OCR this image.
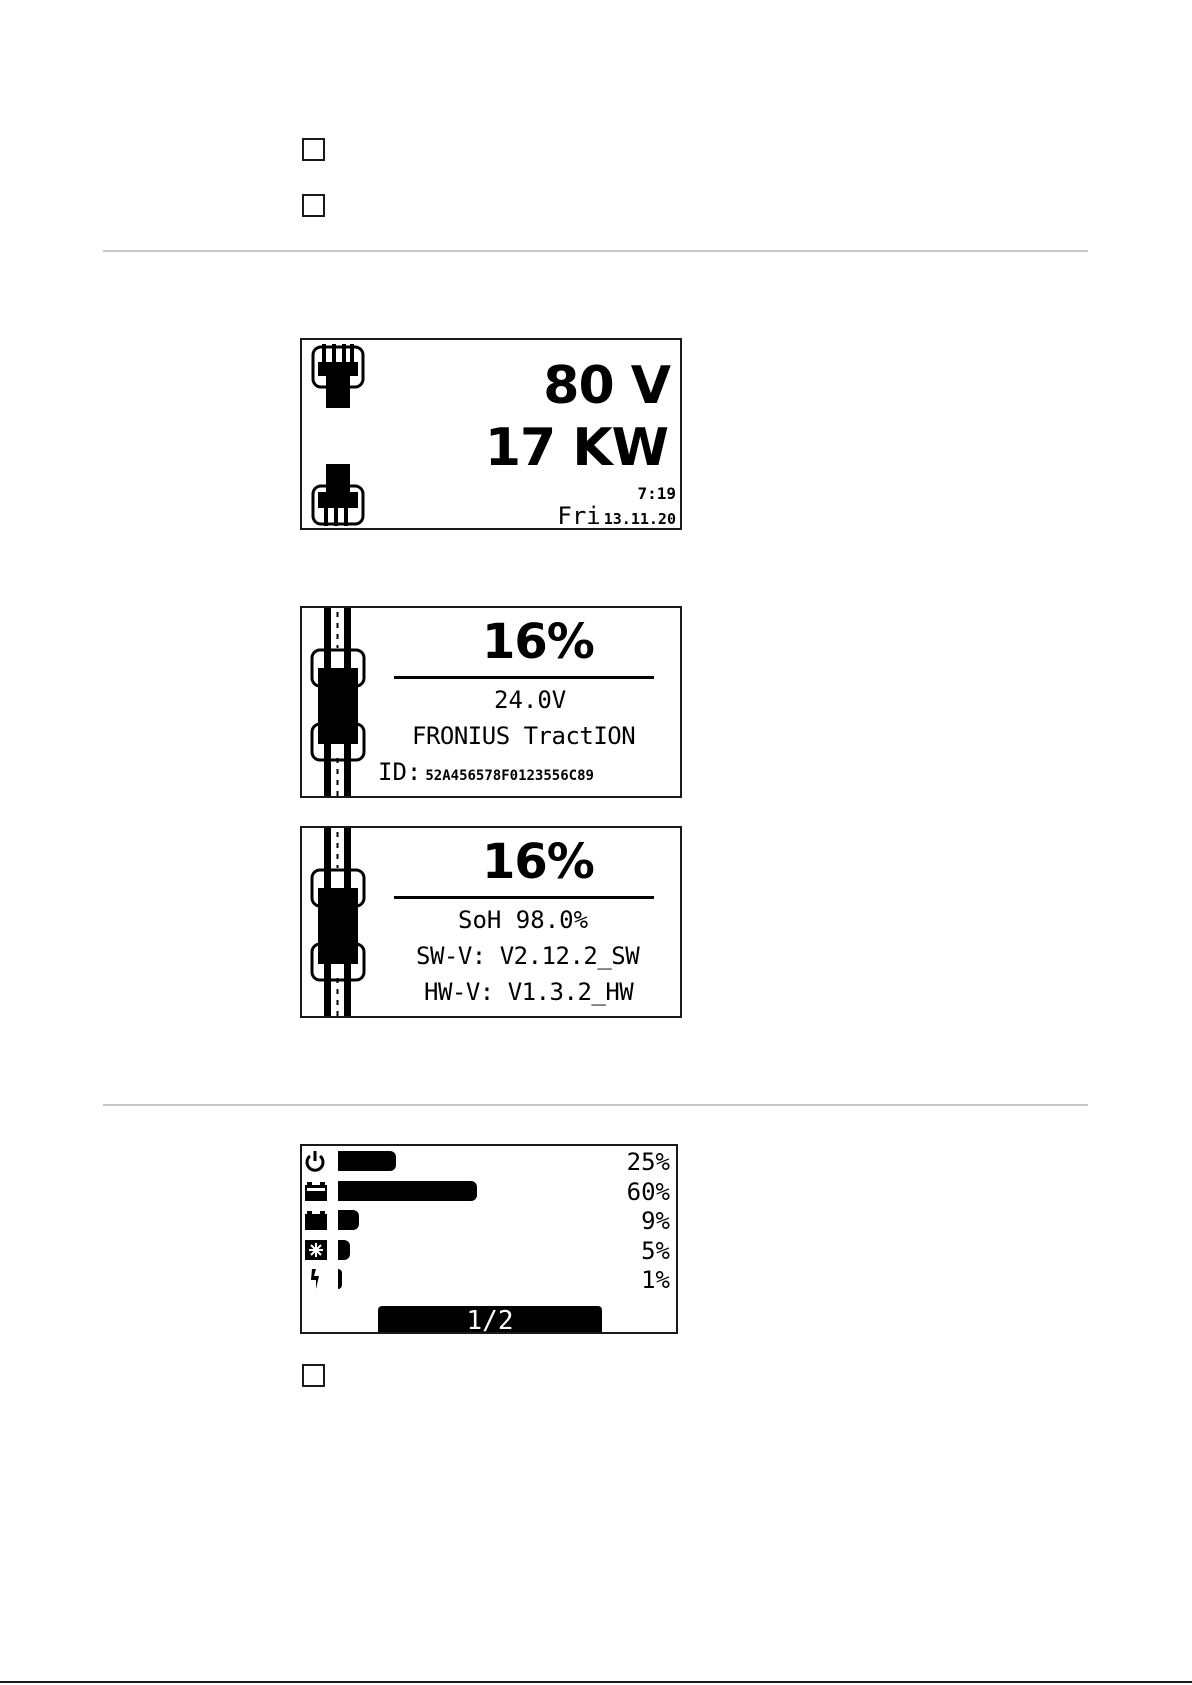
80 V
17 KW
7:19
Fri 13.11.20
16%
24.0V
FRONIUS TractION
ID: 52A456578F0123556C89
16%
SoH 98.0%
SW-V: V2.12.2_SW
HW-V: V1.3.2_HW
25%
60%
9%
5%
1%
1/2
